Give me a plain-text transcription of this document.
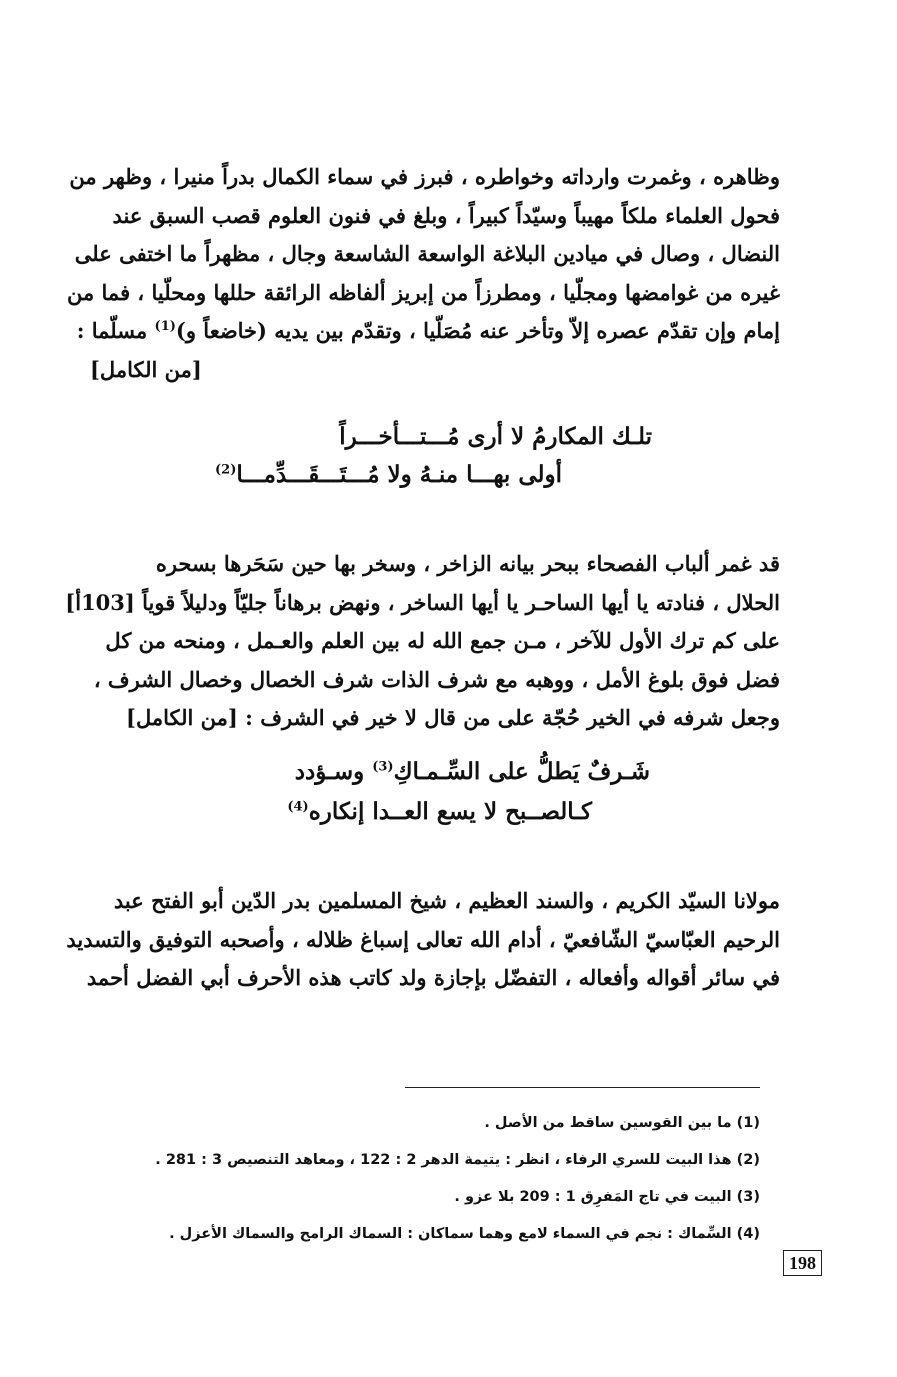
وظاهره ، وغمرت وارداته وخواطره ، فبرز في سماء الكمال بدراً منيرا ، وظهر من
فحول العلماء ملكاً مهيباً وسيّداً كبيراً ، وبلغ في فنون العلوم قصب السبق عند
النضال ، وصال في ميادين البلاغة الواسعة الشاسعة وجال ، مظهراً ما اختفى على
غيره من غوامضها ومجلّيا ، ومطرزاً من إبريز ألفاظه الرائقة حللها ومحلّيا ، فما من
إمام وإن تقدّم عصره إلاّ وتأخر عنه مُصَلّيا ، وتقدّم بين يديه (خاضعاً و)$^{(1)}$ مسلّما :
[من الكامل]
تلـك المكارمُ لا أرى مُـــتـــأخـــراً
أولى بهـــا منـهُ ولا مُـــتَـــقَـــدِّمـــا$^{(2)}$
قد غمر ألباب الفصحاء ببحر بيانه الزاخر ، وسخر بها حين سَحَرها بسحره
الحلال ، فنادته يا أيها الساحـر يا أيها الساخر ، ونهض برهاناً جليّاً ودليلاً قوياً [103أ]
على كم ترك الأول للآخر ، مـن جمع الله له بين العلم والعـمل ، ومنحه من كل
فضل فوق بلوغ الأمل ، ووهبه مع شرف الذات شرف الخصال وخصال الشرف ،
وجعل شرفه في الخير حُجّة على من قال لا خير في الشرف : [من الكامل]
شَـرفٌ يَطلُّ على السِّـمـاكِ$^{(3)}$ وسـؤدد
كـالصــبح لا يسع العــدا إنكاره$^{(4)}$
مولانا السيّد الكريم ، والسند العظيم ، شيخ المسلمين بدر الدّين أبو الفتح عبد
الرحيم العبّاسيّ الشّافعيّ ، أدام الله تعالى إسباغ ظلاله ، وأصحبه التوفيق والتسديد
في سائر أقواله وأفعاله ، التفضّل بإجازة ولد كاتب هذه الأحرف أبي الفضل أحمد
(1) ما بين القوسين ساقط من الأصل .
(2) هذا البيت للسري الرفاء ، انظر : يتيمة الدهر 2 : 122 ، ومعاهد التنصيص 3 : 281 .
(3) البيت في تاج المَفرِق 1 : 209 بلا عزو .
(4) السِّماك : نجم في السماء لامع وهما سماكان : السماك الرامح والسماك الأعزل .
198
